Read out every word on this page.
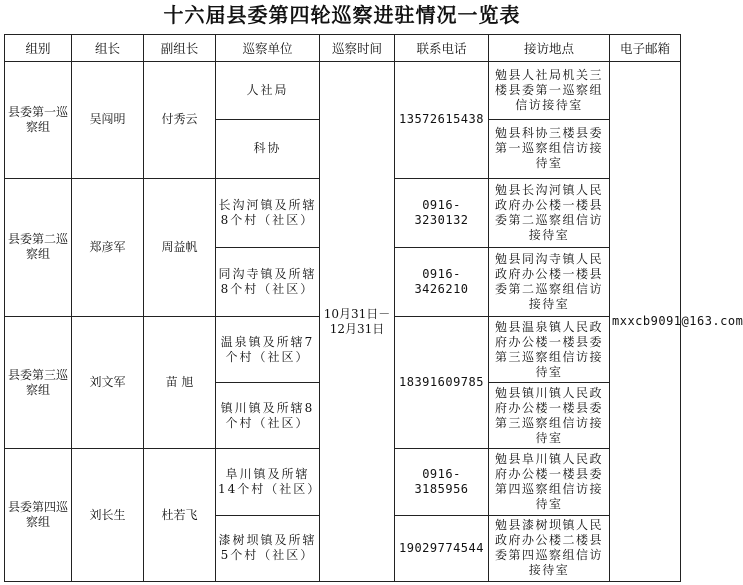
十六届县委第四轮巡察进驻情况一览表
组别	组长	副组长	巡察单位	巡察时间	联系电话	接访地点	电子邮箱
县委第一巡察组	吴闯明	付秀云	人社局	10月31日－12月31日	13572615438	勉县人社局机关三楼县委第一巡察组信访接待室	mxxcb9091@163.com
			科协			勉县科协三楼县委第一巡察组信访接待室	
县委第二巡察组	郑彦军	周益帆	长沟河镇及所辖8个村（社区）		0916-3230132	勉县长沟河镇人民政府办公楼一楼县委第二巡察组信访接待室	
			同沟寺镇及所辖8个村（社区）		0916-3426210	勉县同沟寺镇人民政府办公楼一楼县委第二巡察组信访接待室	
县委第三巡察组	刘文军	苗 旭	温泉镇及所辖7个村（社区）		18391609785	勉县温泉镇人民政府办公楼一楼县委第三巡察组信访接待室	
			镇川镇及所辖8个村（社区）			勉县镇川镇人民政府办公楼一楼县委第三巡察组信访接待室	
县委第四巡察组	刘长生	杜若飞	阜川镇及所辖14个村（社区）		0916-3185956	勉县阜川镇人民政府办公楼一楼县委第四巡察组信访接待室	
			漆树坝镇及所辖5个村（社区）		19029774544	勉县漆树坝镇人民政府办公楼二楼县委第四巡察组信访接待室	
